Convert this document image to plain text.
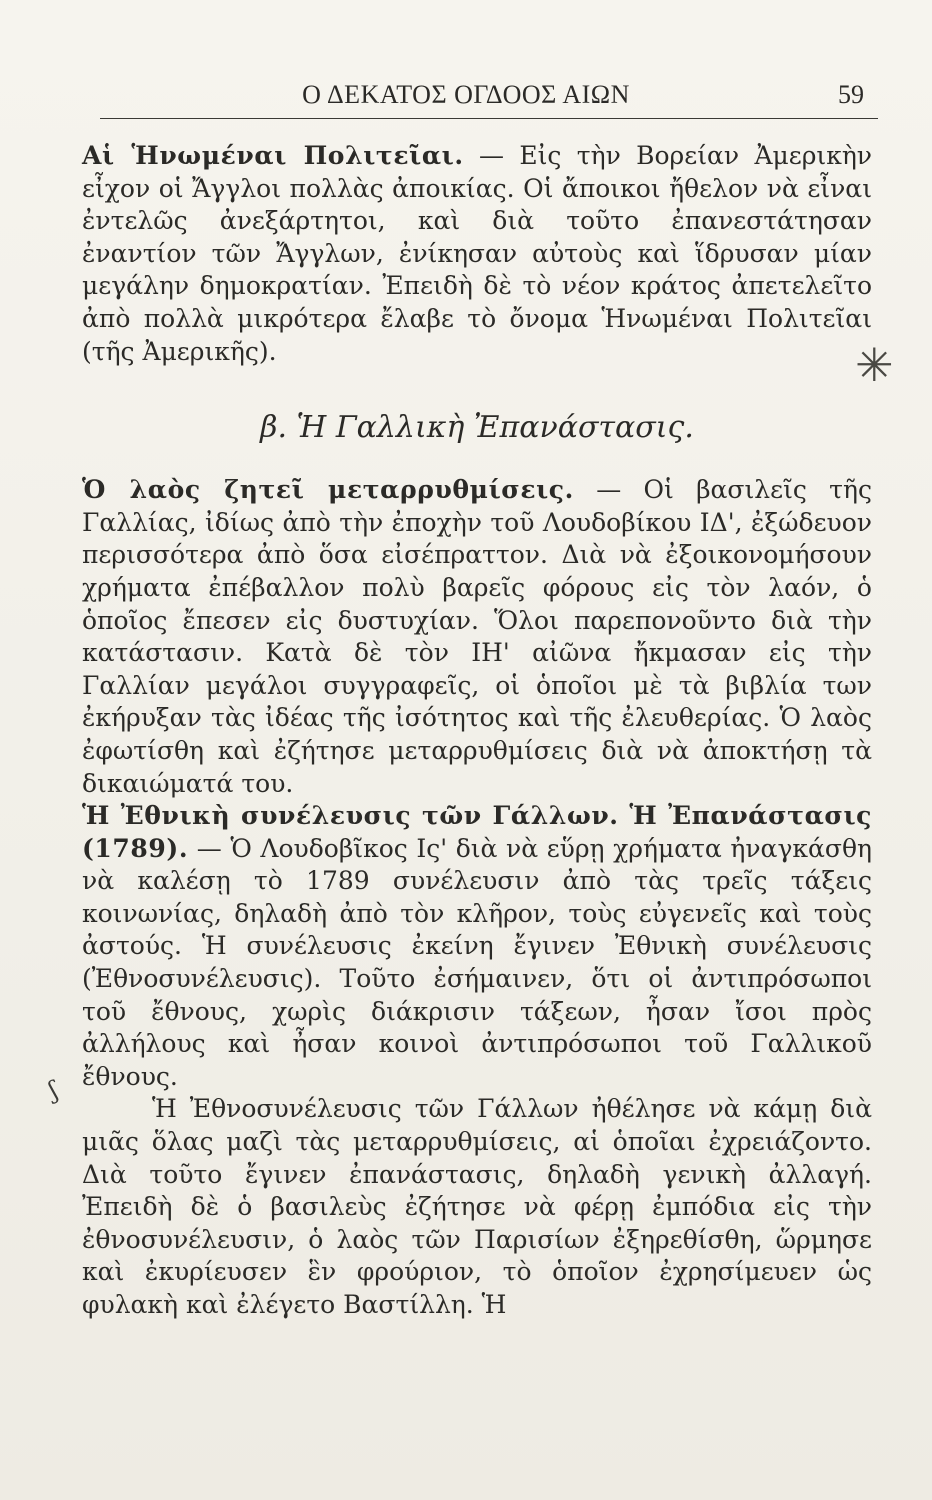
Ο ΔΕΚΑΤΟΣ ΟΓΔΟΟΣ ΑΙΩΝ	59
✳
ʃ

Αἱ Ἡνωμέναι Πολιτεῖαι. — Εἰς τὴν Βορείαν Ἀμερικὴν εἶχον οἱ Ἄγγλοι πολλὰς ἀποικίας. Οἱ ἄποικοι ἤθελον νὰ εἶναι ἐντελῶς ἀνεξάρτητοι, καὶ διὰ τοῦτο ἐπανεστάτησαν ἐναντίον τῶν Ἄγγλων, ἐνίκησαν αὐτοὺς καὶ ἵδρυσαν μίαν μεγάλην δημοκρατίαν. Ἐπειδὴ δὲ τὸ νέον κράτος ἀπετελεῖτο ἀπὸ πολλὰ μικρότερα ἔλαβε τὸ ὄνομα Ἡνωμέναι Πολιτεῖαι (τῆς Ἀμερικῆς).

β. Ἡ Γαλλικὴ Ἐπανάστασις.

Ὁ λαὸς ζητεῖ μεταρρυθμίσεις. — Οἱ βασιλεῖς τῆς Γαλλίας, ἰδίως ἀπὸ τὴν ἐποχὴν τοῦ Λουδοβίκου ΙΔ', ἐξώδευον περισσότερα ἀπὸ ὅσα εἰσέπραττον. Διὰ νὰ ἐξοικονομήσουν χρήματα ἐπέβαλλον πολὺ βαρεῖς φόρους εἰς τὸν λαόν, ὁ ὁποῖος ἔπεσεν εἰς δυστυχίαν. Ὅλοι παρεπονοῦντο διὰ τὴν κατάστασιν. Κατὰ δὲ τὸν ΙΗ' αἰῶνα ἤκμασαν εἰς τὴν Γαλλίαν μεγάλοι συγγραφεῖς, οἱ ὁποῖοι μὲ τὰ βιβλία των ἐκήρυξαν τὰς ἰδέας τῆς ἰσότητος καὶ τῆς ἐλευθερίας. Ὁ λαὸς ἐφωτίσθη καὶ ἐζήτησε μεταρρυθμίσεις διὰ νὰ ἀποκτήσῃ τὰ δικαιώματά του.

Ἡ Ἐθνικὴ συνέλευσις τῶν Γάλλων. Ἡ Ἐπανάστασις (1789). — Ὁ Λουδοβῖκος Ις' διὰ νὰ εὕρῃ χρήματα ἠναγκάσθη νὰ καλέσῃ τὸ 1789 συνέλευσιν ἀπὸ τὰς τρεῖς τάξεις κοινωνίας, δηλαδὴ ἀπὸ τὸν κλῆρον, τοὺς εὐγενεῖς καὶ τοὺς ἀστούς. Ἡ συνέλευσις ἐκείνη ἔγινεν Ἐθνικὴ συνέλευσις (Ἐθνοσυνέλευσις). Τοῦτο ἐσήμαινεν, ὅτι οἱ ἀντιπρόσωποι τοῦ ἔθνους, χωρὶς διάκρισιν τάξεων, ἦσαν ἴσοι πρὸς ἀλλήλους καὶ ἦσαν κοινοὶ ἀντιπρόσωποι τοῦ Γαλλικοῦ ἔθνους.

Ἡ Ἐθνοσυνέλευσις τῶν Γάλλων ἠθέλησε νὰ κάμῃ διὰ μιᾶς ὅλας μαζὶ τὰς μεταρρυθμίσεις, αἱ ὁποῖαι ἐχρειάζοντο. Διὰ τοῦτο ἔγινεν ἐπανάστασις, δηλαδὴ γενικὴ ἀλλαγή. Ἐπειδὴ δὲ ὁ βασιλεὺς ἐζήτησε νὰ φέρῃ ἐμπόδια εἰς τὴν ἐθνοσυνέλευσιν, ὁ λαὸς τῶν Παρισίων ἐξηρεθίσθη, ὥρμησε καὶ ἐκυρίευσεν ἓν φρούριον, τὸ ὁποῖον ἐχρησίμευεν ὡς φυλακὴ καὶ ἐλέγετο Βαστίλλη. Ἡ
